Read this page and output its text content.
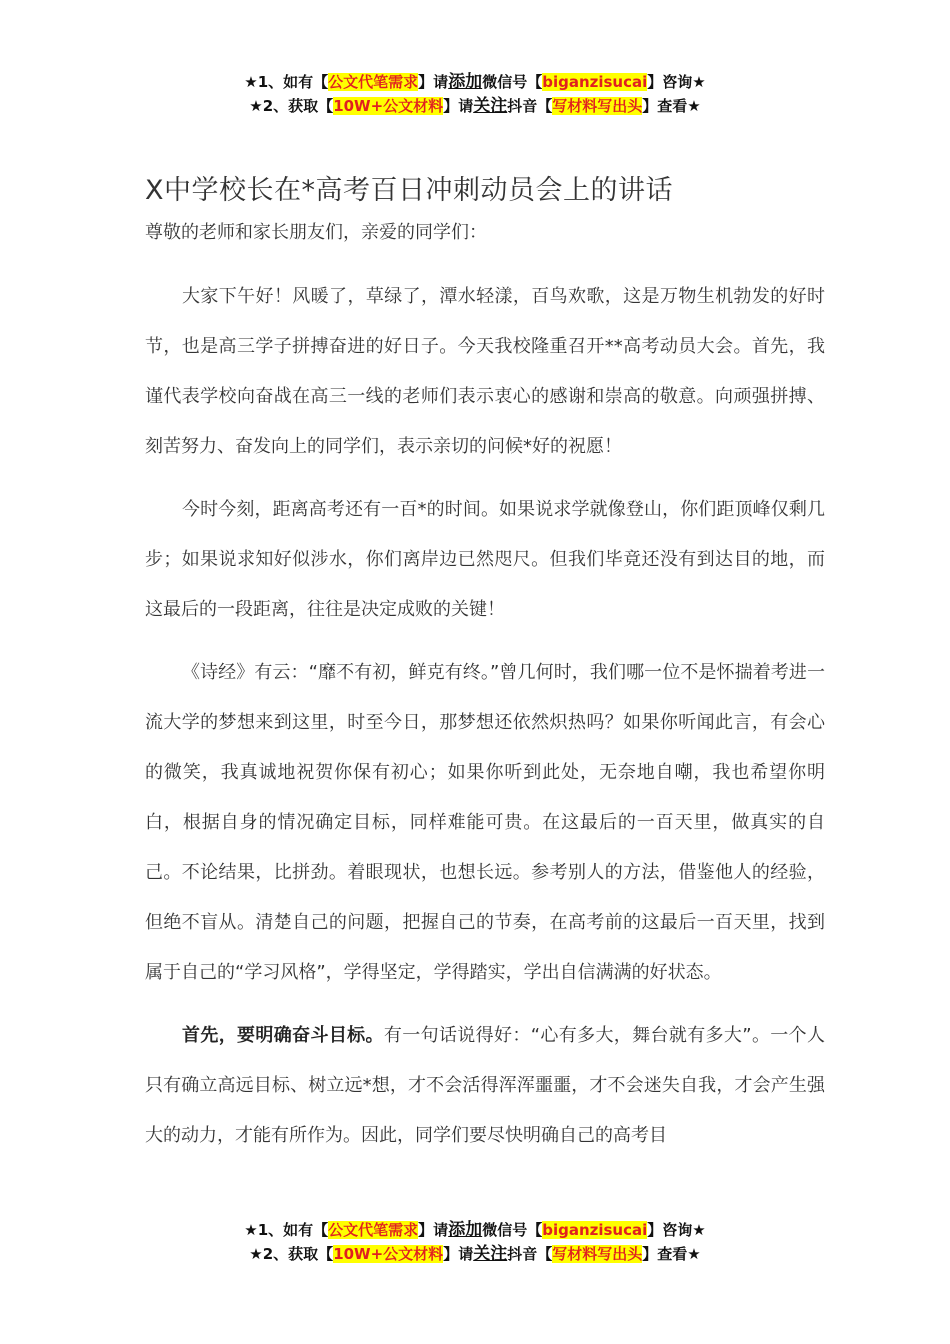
★1、如有【公文代笔需求】请添加微信号【biganzisucai】咨询★
★2、获取【10W+公文材料】请关注抖音【写材料写出头】查看★
X中学校长在*高考百日冲刺动员会上的讲话
尊敬的老师和家长朋友们，亲爱的同学们：

大家下午好！风暖了，草绿了，潭水轻漾，百鸟欢歌，这是万物生机勃发的好时节，也是高三学子拼搏奋进的好日子。今天我校隆重召开**高考动员大会。首先，我谨代表学校向奋战在高三一线的老师们表示衷心的感谢和崇高的敬意。向顽强拼搏、刻苦努力、奋发向上的同学们，表示亲切的问候*好的祝愿！

今时今刻，距离高考还有一百*的时间。如果说求学就像登山，你们距顶峰仅剩几步；如果说求知好似涉水，你们离岸边已然咫尺。但我们毕竟还没有到达目的地，而这最后的一段距离，往往是决定成败的关键！

《诗经》有云：“靡不有初，鲜克有终。”曾几何时，我们哪一位不是怀揣着考进一流大学的梦想来到这里，时至今日，那梦想还依然炽热吗？如果你听闻此言，有会心的微笑，我真诚地祝贺你保有初心；如果你听到此处，无奈地自嘲，我也希望你明白，根据自身的情况确定目标，同样难能可贵。在这最后的一百天里，做真实的自己。不论结果，比拼劲。着眼现状，也想长远。参考别人的方法，借鉴他人的经验，但绝不盲从。清楚自己的问题，把握自己的节奏，在高考前的这最后一百天里，找到属于自己的“学习风格”，学得坚定，学得踏实，学出自信满满的好状态。

首先，要明确奋斗目标。有一句话说得好：“心有多大，舞台就有多大”。一个人只有确立高远目标、树立远*想，才不会活得浑浑噩噩，才不会迷失自我，才会产生强大的动力，才能有所作为。因此，同学们要尽快明确自己的高考目

★1、如有【公文代笔需求】请添加微信号【biganzisucai】咨询★
★2、获取【10W+公文材料】请关注抖音【写材料写出头】查看★
